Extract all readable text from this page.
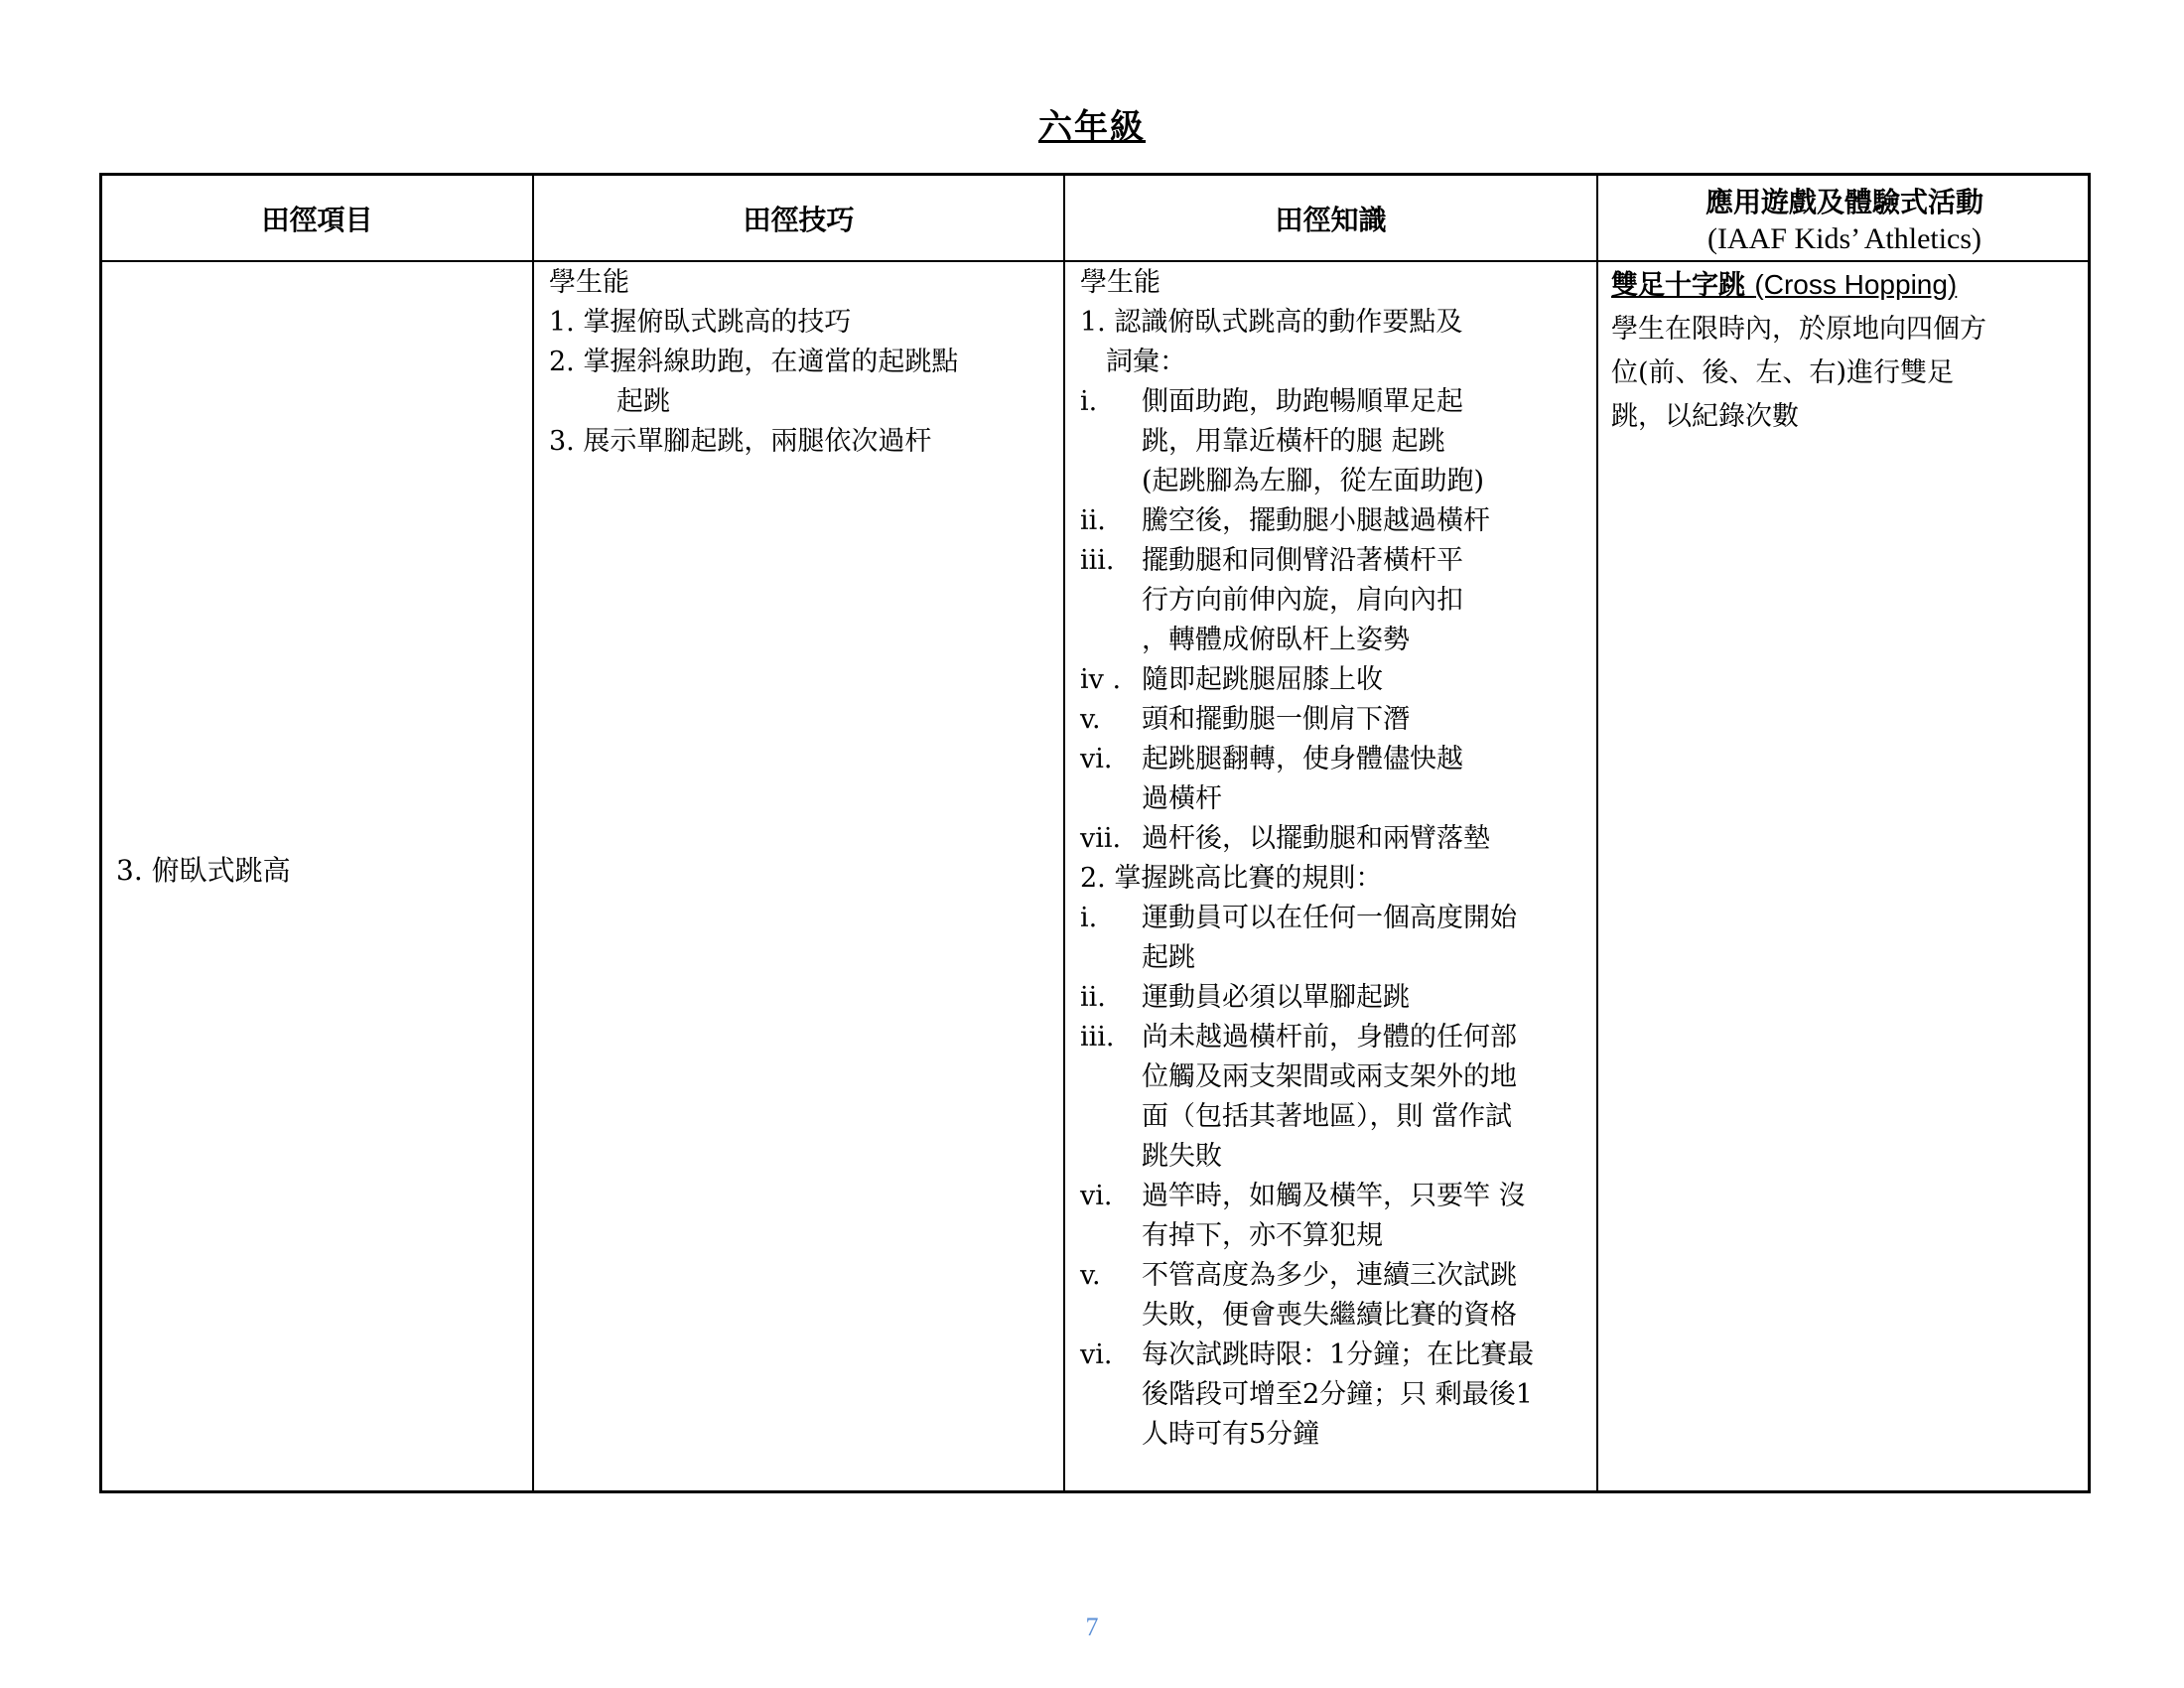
六年級
田徑項目	田徑技巧	田徑知識
應用遊戲及體驗式活動
(IAAF Kids’ Athletics)
3. 俯臥式跳高
學生能
1. 掌握俯臥式跳高的技巧
2. 掌握斜線助跑，在適當的起跳點
起跳
3. 展示單腳起跳，兩腿依次過杆
學生能
1. 認識俯臥式跳高的動作要點及
詞彙：
i. 側面助跑，助跑暢順單足起
跳，用靠近橫杆的腿 起跳
(起跳腳為左腳，從左面助跑)
ii. 騰空後，擺動腿小腿越過橫杆
iii. 擺動腿和同側臂沿著橫杆平
行方向前伸內旋，肩向內扣
，轉體成俯臥杆上姿勢
iv . 隨即起跳腿屈膝上收
v. 頭和擺動腿一側肩下潛
vi. 起跳腿翻轉，使身體儘快越
過橫杆
vii. 過杆後，以擺動腿和兩臂落墊
2. 掌握跳高比賽的規則：
i. 運動員可以在任何一個高度開始
起跳
ii. 運動員必須以單腳起跳
iii. 尚未越過橫杆前，身體的任何部
位觸及兩支架間或兩支架外的地
面（包括其著地區），則 當作試
跳失敗
vi. 過竿時，如觸及橫竿，只要竿 沒
有掉下，亦不算犯規
v. 不管高度為多少，連續三次試跳
失敗，便會喪失繼續比賽的資格
vi. 每次試跳時限：1分鐘；在比賽最
後階段可增至2分鐘；只 剩最後1
人時可有5分鐘
雙足十字跳 (Cross Hopping)
學生在限時內，於原地向四個方
位(前、後、左、右)進行雙足
跳，以紀錄次數
7
